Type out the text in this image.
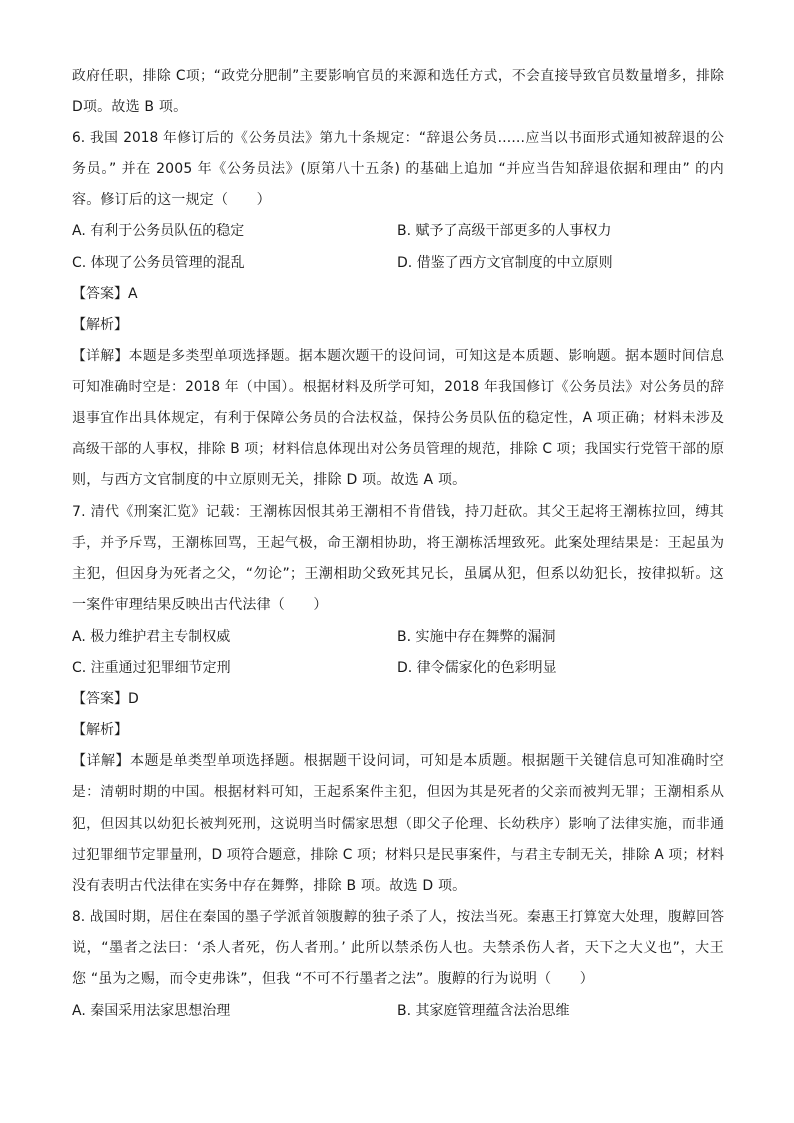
政府任职，排除 C项；“政党分肥制”主要影响官员的来源和选任方式，不会直接导致官员数量增多，排除
D项。故选 B 项。
6. 我国 2018 年修订后的《公务员法》第九十条规定：“辞退公务员……应当以书面形式通知被辞退的公
务员。” 并在 2005 年《公务员法》(原第八十五条) 的基础上追加 “并应当告知辞退依据和理由” 的内
容。修订后的这一规定（　　）
A. 有利于公务员队伍的稳定	B. 赋予了高级干部更多的人事权力
C. 体现了公务员管理的混乱	D. 借鉴了西方文官制度的中立原则
【答案】A
【解析】
【详解】本题是多类型单项选择题。据本题次题干的设问词，可知这是本质题、影响题。据本题时间信息
可知准确时空是：2018 年（中国）。根据材料及所学可知，2018 年我国修订《公务员法》对公务员的辞
退事宜作出具体规定，有利于保障公务员的合法权益，保持公务员队伍的稳定性，A 项正确；材料未涉及
高级干部的人事权，排除 B 项；材料信息体现出对公务员管理的规范，排除 C 项；我国实行党管干部的原
则，与西方文官制度的中立原则无关，排除 D 项。故选 A 项。
7. 清代《刑案汇览》记载：王潮栋因恨其弟王潮相不肯借钱，持刀赶砍。其父王起将王潮栋拉回，缚其
手，并予斥骂，王潮栋回骂，王起气极，命王潮相协助，将王潮栋活埋致死。此案处理结果是：王起虽为
主犯，但因身为死者之父，“勿论”；王潮相助父致死其兄长，虽属从犯，但系以幼犯长，按律拟斩。这
一案件审理结果反映出古代法律（　　）
A. 极力维护君主专制权威	B. 实施中存在舞弊的漏洞
C. 注重通过犯罪细节定刑	D. 律令儒家化的色彩明显
【答案】D
【解析】
【详解】本题是单类型单项选择题。根据题干设问词，可知是本质题。根据题干关键信息可知准确时空
是：清朝时期的中国。根据材料可知，王起系案件主犯，但因为其是死者的父亲而被判无罪；王潮相系从
犯，但因其以幼犯长被判死刑，这说明当时儒家思想（即父子伦理、长幼秩序）影响了法律实施，而非通
过犯罪细节定罪量刑，D 项符合题意，排除 C 项；材料只是民事案件，与君主专制无关，排除 A 项；材料
没有表明古代法律在实务中存在舞弊，排除 B 项。故选 D 项。
8. 战国时期，居住在秦国的墨子学派首领腹䵍的独子杀了人，按法当死。秦惠王打算宽大处理，腹䵍回答
说，“墨者之法曰：‘杀人者死，伤人者刑。’ 此所以禁杀伤人也。夫禁杀伤人者，天下之大义也”，大王
您 “虽为之赐，而令吏弗诛”，但我 “不可不行墨者之法”。腹䵍的行为说明（　　）
A. 秦国采用法家思想治理	B. 其家庭管理蕴含法治思维
